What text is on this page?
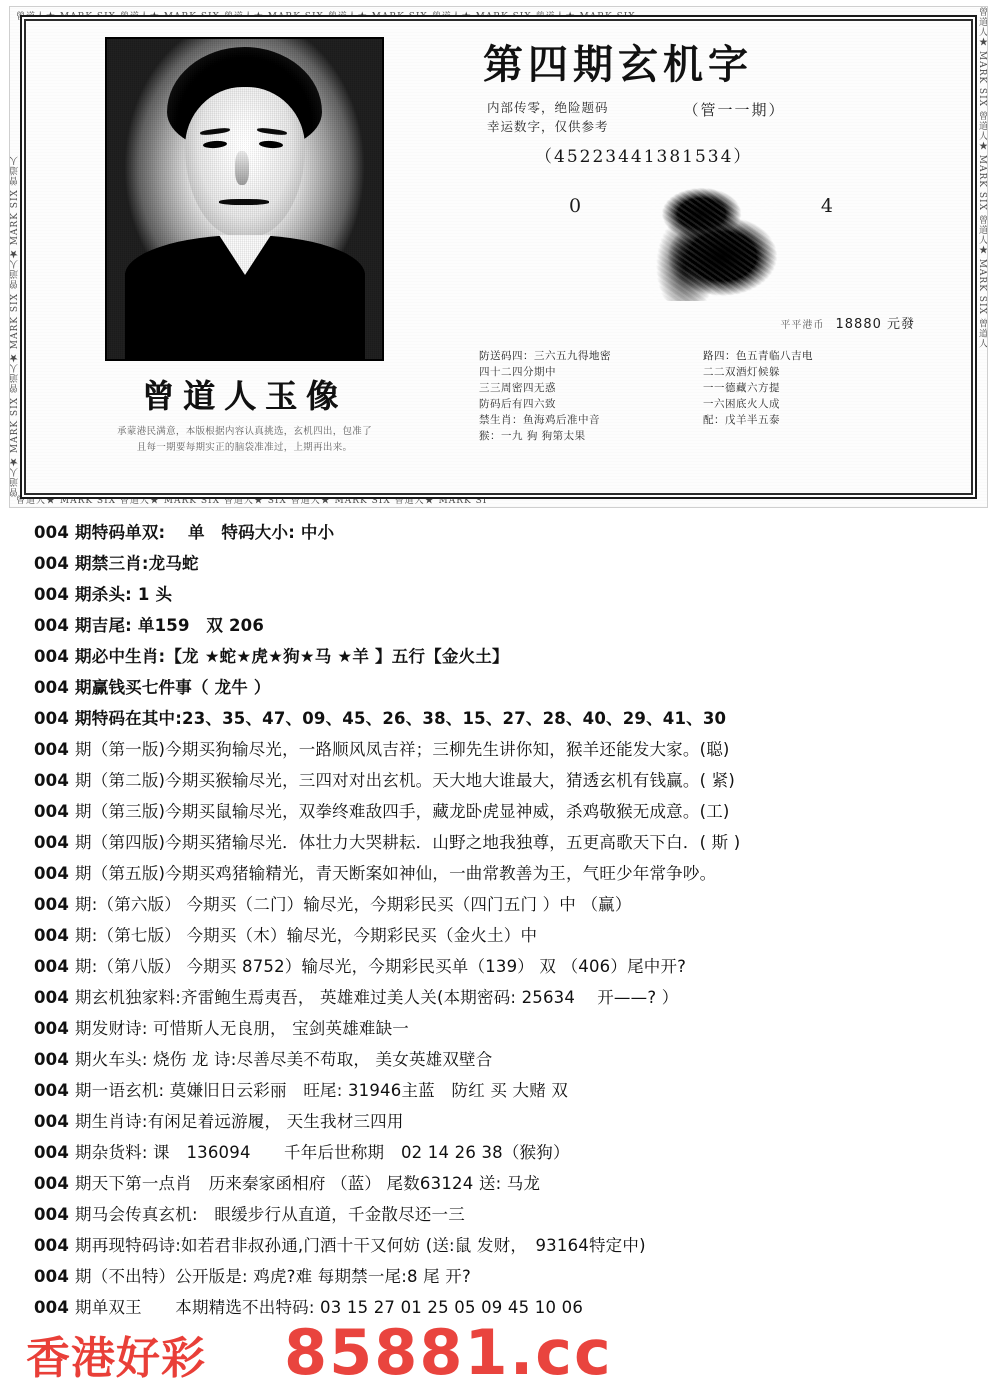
曾道人★ MARK SIX 曾道人★ MARK SIX 曾道人★ MARK SIX 曾道人★ MARK SIX 曾道人★ MARK SIX 曾道人★ MARK SIX
曾道人★ MARK SIX 曾道人★ MARK SIX 曾道人★ SIX 曾道人★ MARK SIX 曾道人★ MARK SI
曾道人★ MARK SIX 曾道人★ MARK SIX 曾道人★ MARK SIX 曾道人	曾道人★ MARK SIX 曾道人★ MARK SIX 曾道人★ MARK SIX 曾道人
曾道人玉像
承蒙港民满意，本版根据内容认真挑选，玄机四出，包准了
且每一期要每期实正的脑袋准准过，上期再出来。
第四期玄机字
内部传零，绝险题码
幸运数字，仅供参考
（管一一期）
（45223441381534）
0	4
平平港币 18880 元發
防送码四：三六五九得地密
四十二四分期中
三三周密四无惑
防码后有四六致
禁生肖：鱼海鸡后准中音
猴：一九 狗 狗第太果
路四：色五青临八吉电
二二双酒灯候躲
一一德藏六方提
一六困底火人成
配：戊羊半五泰
004 期特码单双:　 单　特码大小: 中小
004 期禁三肖:龙马蛇
004 期杀头: 1 头
004 期吉尾: 单159　双 206
004 期必中生肖:【龙 ★蛇★虎★狗★马 ★羊 】五行【金火土】
004 期赢钱买七件事（ 龙牛 ）
004 期特码在其中:23、35、47、09、45、26、38、15、27、28、40、29、41、30
004 期（第一版)今期买狗输尽光，一路顺风凤吉祥；三柳先生讲你知，猴羊还能发大家。(聪)
004 期（第二版)今期买猴输尽光，三四对对出玄机。天大地大谁最大，猜透玄机有钱赢。( 紧)
004 期（第三版)今期买鼠输尽光，双拳终难敌四手，藏龙卧虎显神威，杀鸡敬猴无成意。(工)
004 期（第四版)今期买猪输尽光．体壮力大哭耕耘．山野之地我独尊，五更高歌天下白．( 斯 )
004 期（第五版)今期买鸡猪输精光，青天断案如神仙，一曲常教善为王，气旺少年常争吵。
004 期:（第六版） 今期买（二门）输尽光，今期彩民买（四门五门 ）中 （赢）
004 期:（第七版） 今期买（木）输尽光，今期彩民买（金火土）中
004 期:（第八版） 今期买 8752）输尽光，今期彩民买单（139） 双 （406）尾中开?
004 期玄机独家料:齐雷鲍生焉夷吾， 英雄难过美人关(本期密码: 25634　 开——? ）
004 期发财诗: 可惜斯人无良朋， 宝剑英雄难缺一
004 期火车头: 烧伤 龙 诗:尽善尽美不苟取， 美女英雄双壁合
004 期一语玄机: 莫嫌旧日云彩丽　旺尾: 31946主蓝　防红 买 大赌 双
004 期生肖诗:有闲足着远游履， 天生我材三四用
004 期杂货料: 课　136094　　千年后世称期　02 14 26 38（猴狗）
004 期天下第一点肖　历来秦家函相府 （蓝） 尾数63124 送: 马龙
004 期马会传真玄机:　眼缓步行从直道，千金散尽还一三
004 期再现特码诗:如若君非叔孙通,门酒十干又何妨 (送:鼠 发财，　93164特定中)
004 期（不出特）公开版是: 鸡虎?难 每期禁一尾:8 尾 开?
004 期单双王　　本期精选不出特码: 03 15 27 01 25 05 09 45 10 06
香港好彩 85881.cc
